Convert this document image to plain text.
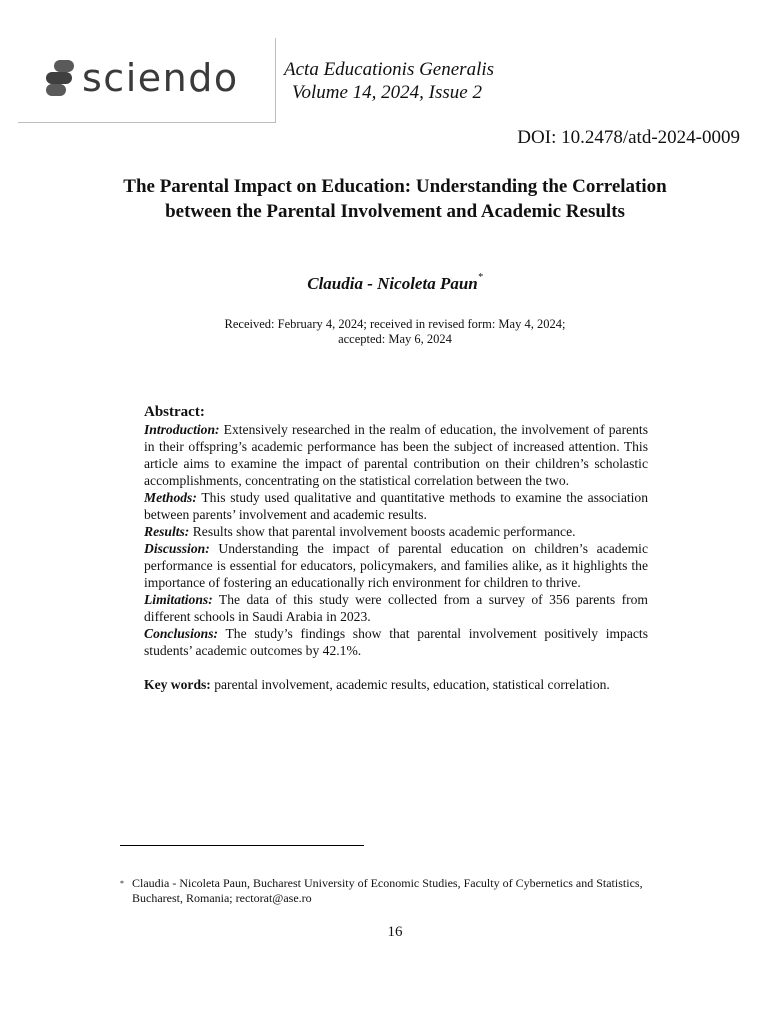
sciendo Acta Educationis Generalis
Volume 14, 2024, Issue 2
DOI: 10.2478/atd-2024-0009
The Parental Impact on Education: Understanding the Correlation between the Parental Involvement and Academic Results
Claudia - Nicoleta Paun*
Received: February 4, 2024; received in revised form: May 4, 2024;
accepted: May 6, 2024
Abstract:

Introduction: Extensively researched in the realm of education, the involvement of parents in their offspring’s academic performance has been the subject of increased attention. This article aims to examine the impact of parental contribution on their children’s scholastic accomplishments, concentrating on the statistical correlation between the two.

Methods: This study used qualitative and quantitative methods to examine the association between parents’ involvement and academic results.

Results: Results show that parental involvement boosts academic performance.

Discussion: Understanding the impact of parental education on children’s academic performance is essential for educators, policymakers, and families alike, as it highlights the importance of fostering an educationally rich environment for children to thrive.

Limitations: The data of this study were collected from a survey of 356 parents from different schools in Saudi Arabia in 2023.

Conclusions: The study’s findings show that parental involvement positively impacts students’ academic outcomes by 42.1%.

Key words: parental involvement, academic results, education, statistical correlation.

* Claudia - Nicoleta Paun, Bucharest University of Economic Studies, Faculty of Cybernetics and Statistics, Bucharest, Romania; rectorat@ase.ro
16
